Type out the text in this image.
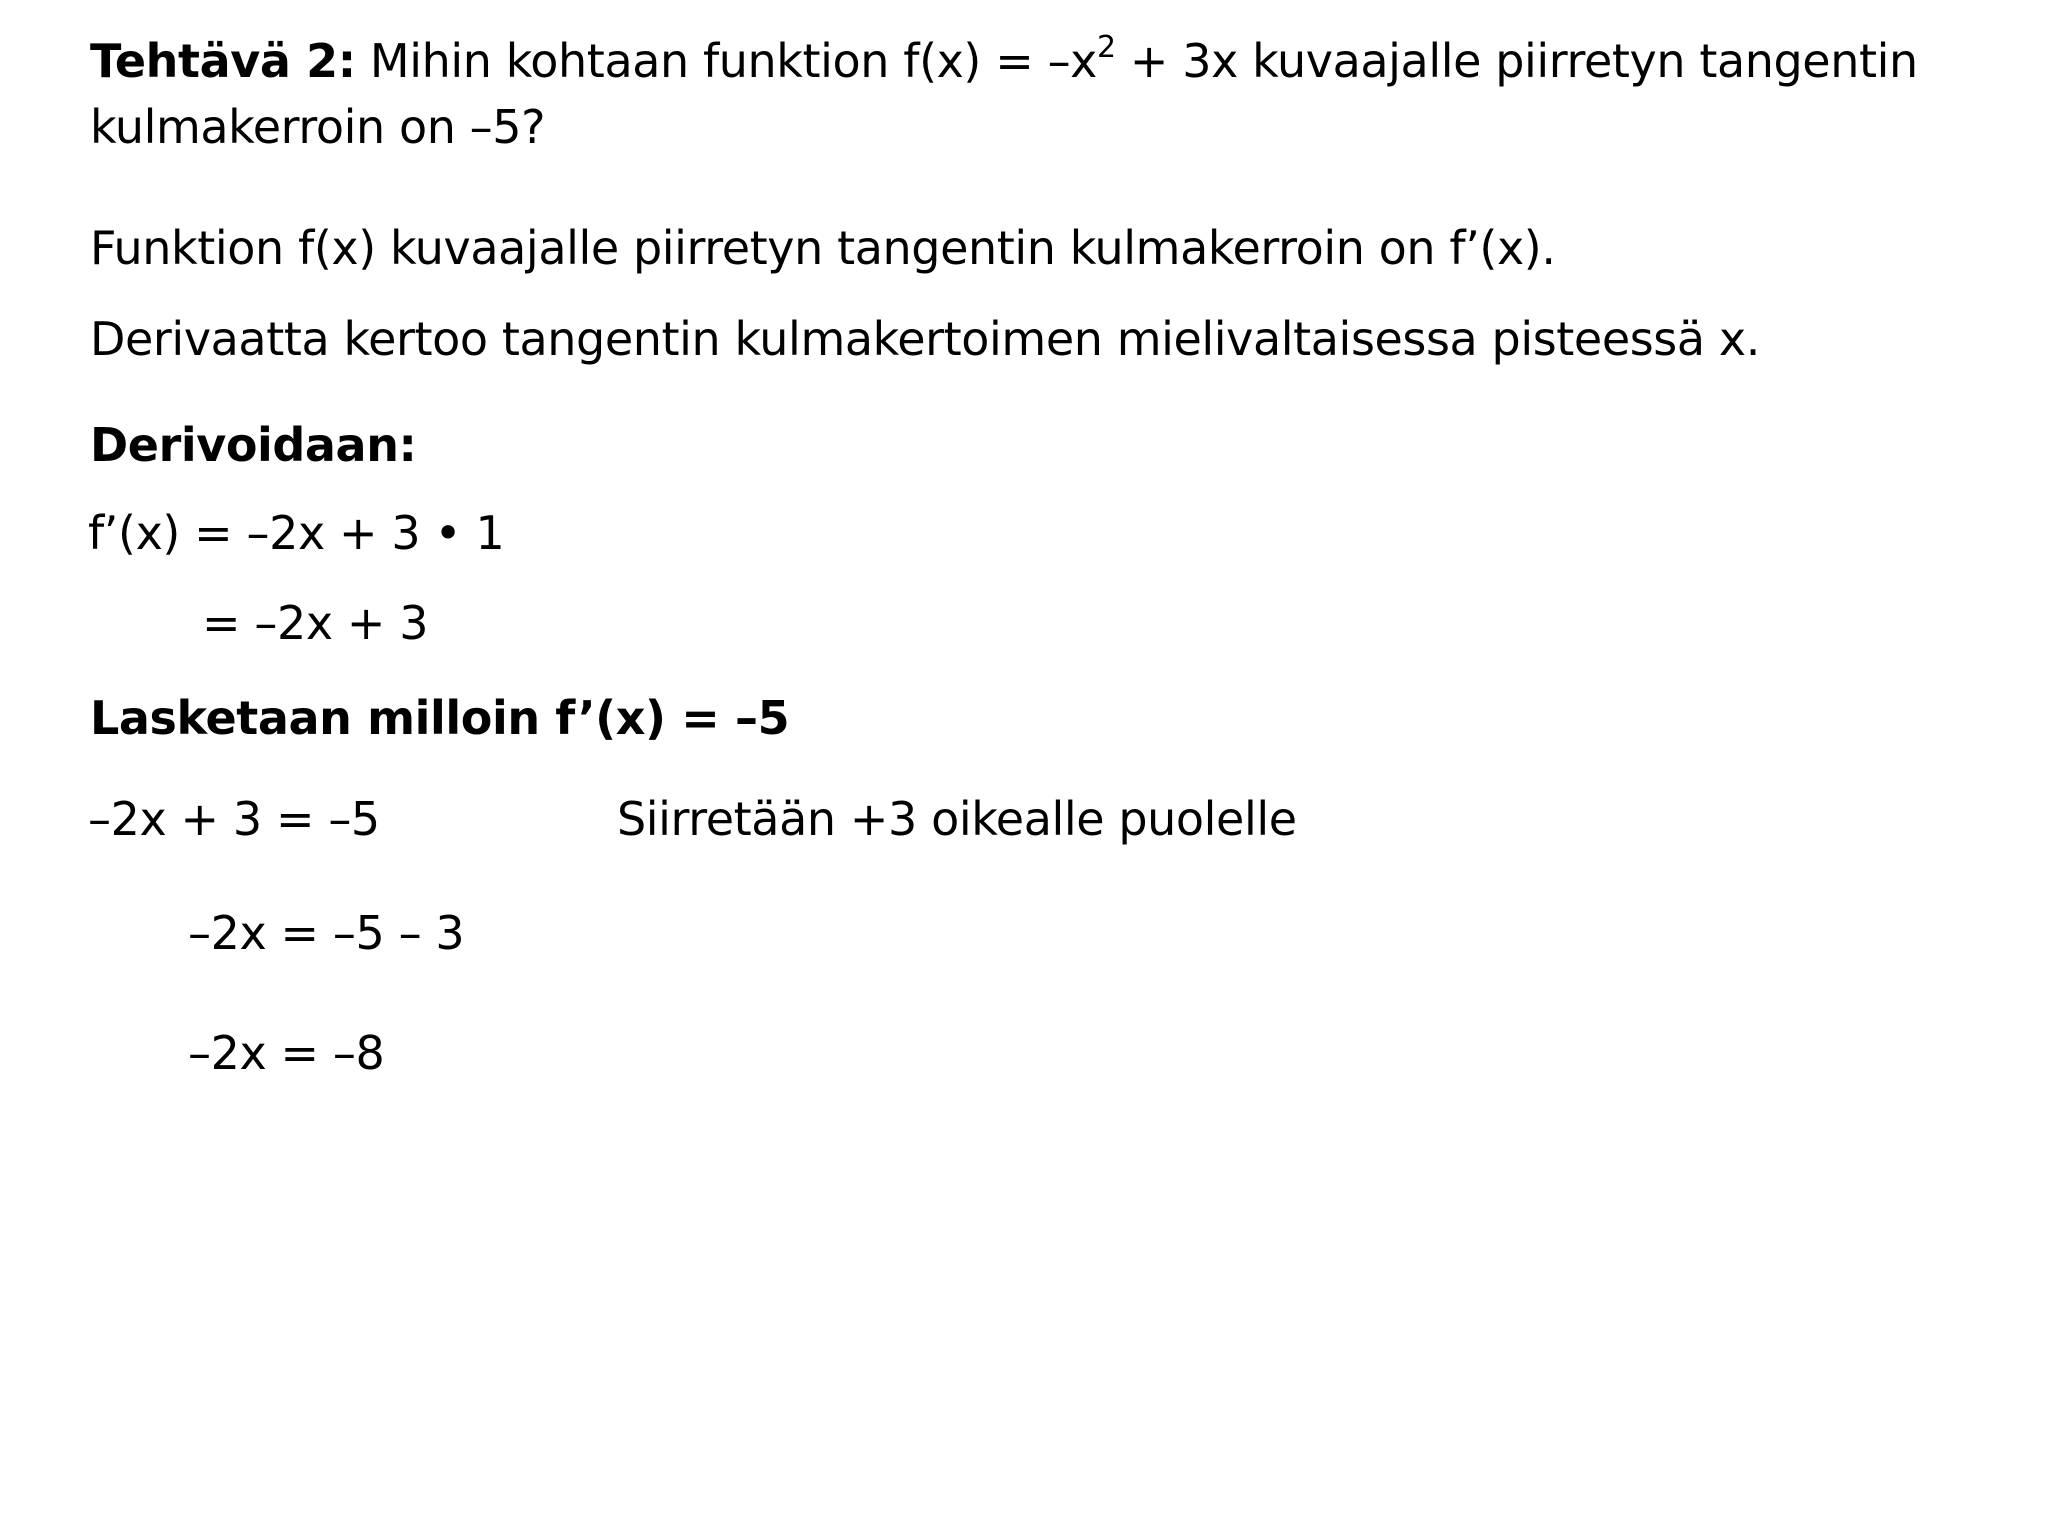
Tehtävä 2: Mihin kohtaan funktion $f(x) = -x^2 + 3x$ kuvaajalle piirretyn tangentin
kulmakerroin on –5?
Funktion f(x) kuvaajalle piirretyn tangentin kulmakerroin on f’(x).
Derivaatta kertoo tangentin kulmakertoimen mielivaltaisessa pisteessä x.
Derivoidaan:
f’(x) = –2x + 3 • 1
= –2x + 3
Lasketaan milloin f’(x) = –5
–2x + 3 = –5	Siirretään +3 oikealle puolelle
–2x = –5 – 3
–2x = –8
